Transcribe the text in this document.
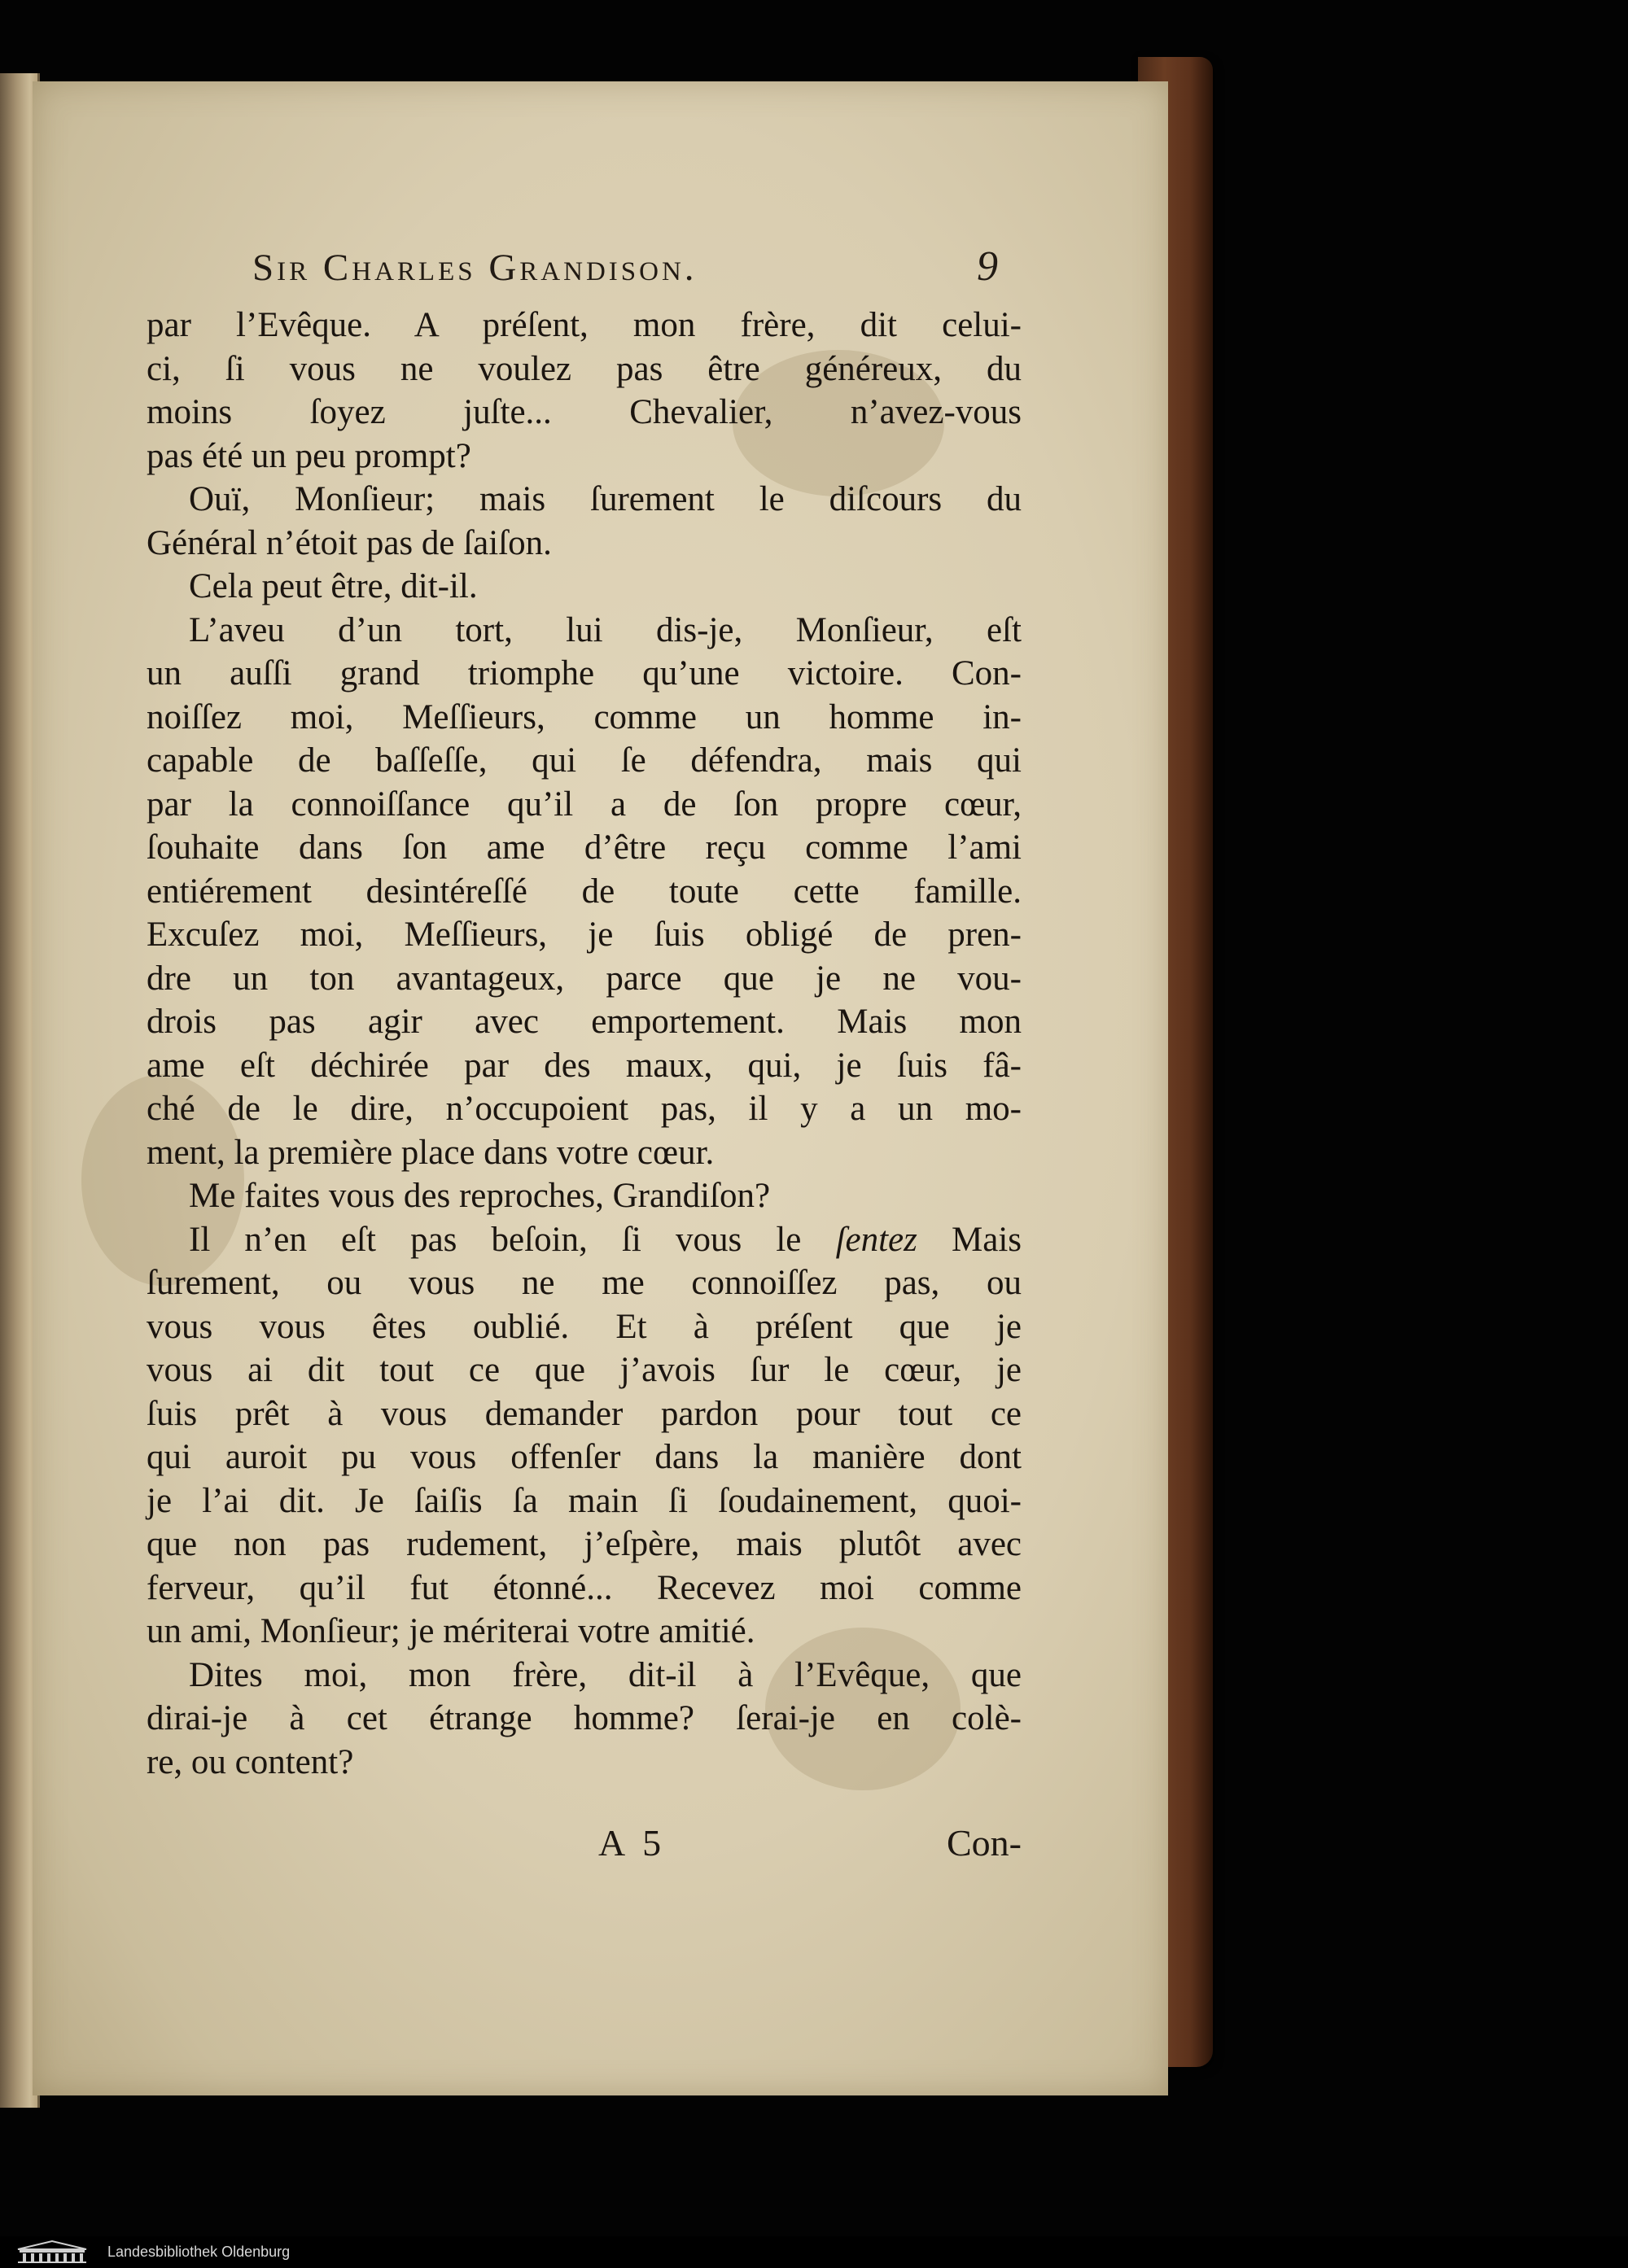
Sir Charles Grandison.	9
par l’Evêque. A préſent, mon frère, dit celui-
ci, ſi vous ne voulez pas être généreux, du
moins ſoyez juſte... Chevalier, n’avez-vous
pas été un peu prompt?
Ouï, Monſieur; mais ſurement le diſcours du
Général n’étoit pas de ſaiſon.
Cela peut être, dit-il.
L’aveu d’un tort, lui dis-je, Monſieur, eſt
un auſſi grand triomphe qu’une victoire. Con-
noiſſez moi, Meſſieurs, comme un homme in-
capable de baſſeſſe, qui ſe défendra, mais qui
par la connoiſſance qu’il a de ſon propre cœur,
ſouhaite dans ſon ame d’être reçu comme l’ami
entiérement desintéreſſé de toute cette famille.
Excuſez moi, Meſſieurs, je ſuis obligé de pren-
dre un ton avantageux, parce que je ne vou-
drois pas agir avec emportement. Mais mon
ame eſt déchirée par des maux, qui, je ſuis fâ-
ché de le dire, n’occupoient pas, il y a un mo-
ment, la première place dans votre cœur.
Me faites vous des reproches, Grandiſon?
Il n’en eſt pas beſoin, ſi vous le ſentez Mais
ſurement, ou vous ne me connoiſſez pas, ou
vous vous êtes oublié. Et à préſent que je
vous ai dit tout ce que j’avois ſur le cœur, je
ſuis prêt à vous demander pardon pour tout ce
qui auroit pu vous offenſer dans la manière dont
je l’ai dit. Je ſaiſis ſa main ſi ſoudainement, quoi-
que non pas rudement, j’eſpère, mais plutôt avec
ferveur, qu’il fut étonné... Recevez moi comme
un ami, Monſieur; je mériterai votre amitié.
Dites moi, mon frère, dit-il à l’Evêque, que
dirai-je à cet étrange homme? ſerai-je en colè-
re, ou content?
A 5	Con-
Landesbibliothek Oldenburg
